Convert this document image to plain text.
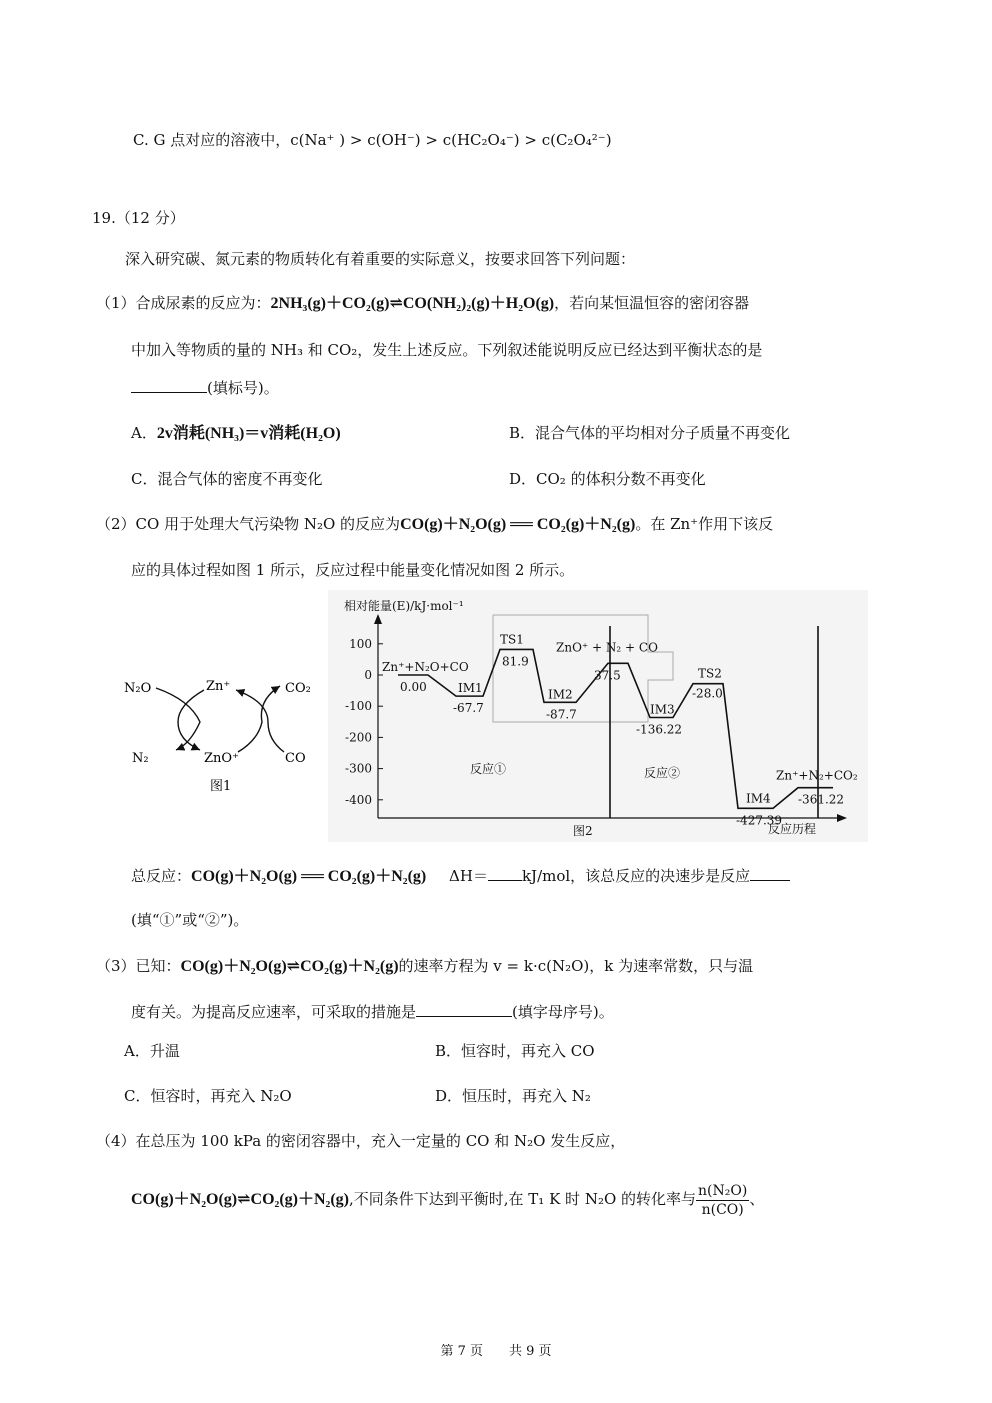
C. G 点对应的溶液中，c(Na⁺ ) > c(OH⁻) > c(HC₂O₄⁻) > c(C₂O₄²⁻)
19.（12 分）
深入研究碳、氮元素的物质转化有着重要的实际意义，按要求回答下列问题：
（1）合成尿素的反应为：2NH₃(g)＋CO₂(g)⇌CO(NH₂)₂(g)＋H₂O(g)，若向某恒温恒容的密闭容器
中加入等物质的量的 NH₃ 和 CO₂，发生上述反应。下列叙述能说明反应已经达到平衡状态的是
(填标号)。
A．2v消耗(NH₃)＝v消耗(H₂O)	B．混合气体的平均相对分子质量不再变化
C．混合气体的密度不再变化	D．CO₂ 的体积分数不再变化
（2）CO 用于处理大气污染物 N₂O 的反应为CO(g)＋N₂O(g) ══ CO₂(g)＋N₂(g)。在 Zn⁺作用下该反
应的具体过程如图 1 所示，反应过程中能量变化情况如图 2 所示。
N₂O	Zn⁺	CO₂
N₂	ZnO⁺	CO
图1
相对能量(E)/kJ·mol⁻¹
反应历程
图2
100
0
-100
-200
-300
-400
反应①	反应②
Zn⁺+N₂O+CO
0.00	IM1
-67.7
TS1
81.9
IM2
-87.7
ZnO⁺ + N₂ + CO
37.5
IM3
-136.22
TS2
-28.0
IM4
-427.39
Zn⁺+N₂+CO₂
-361.22
总反应：CO(g)＋N₂O(g) ══ CO₂(g)＋N₂(g) ΔH＝ kJ/mol，该总反应的决速步是反应
(填“①”或“②”)。
（3）已知：CO(g)＋N₂O(g)⇌CO₂(g)＋N₂(g)的速率方程为 v = k·c(N₂O)，k 为速率常数，只与温
度有关。为提高反应速率，可采取的措施是	(填字母序号)。
A．升温	B．恒容时，再充入 CO
C．恒容时，再充入 N₂O	D．恒压时，再充入 N₂
（4）在总压为 100 kPa 的密闭容器中，充入一定量的 CO 和 N₂O 发生反应，
CO(g)＋N₂O(g)⇌CO₂(g)＋N₂(g),不同条件下达到平衡时,在 T₁ K 时 N₂O 的转化率与 $\frac{\text{n(N₂O)}}{n(CO)}$ 、
第 7 页　　共 9 页
